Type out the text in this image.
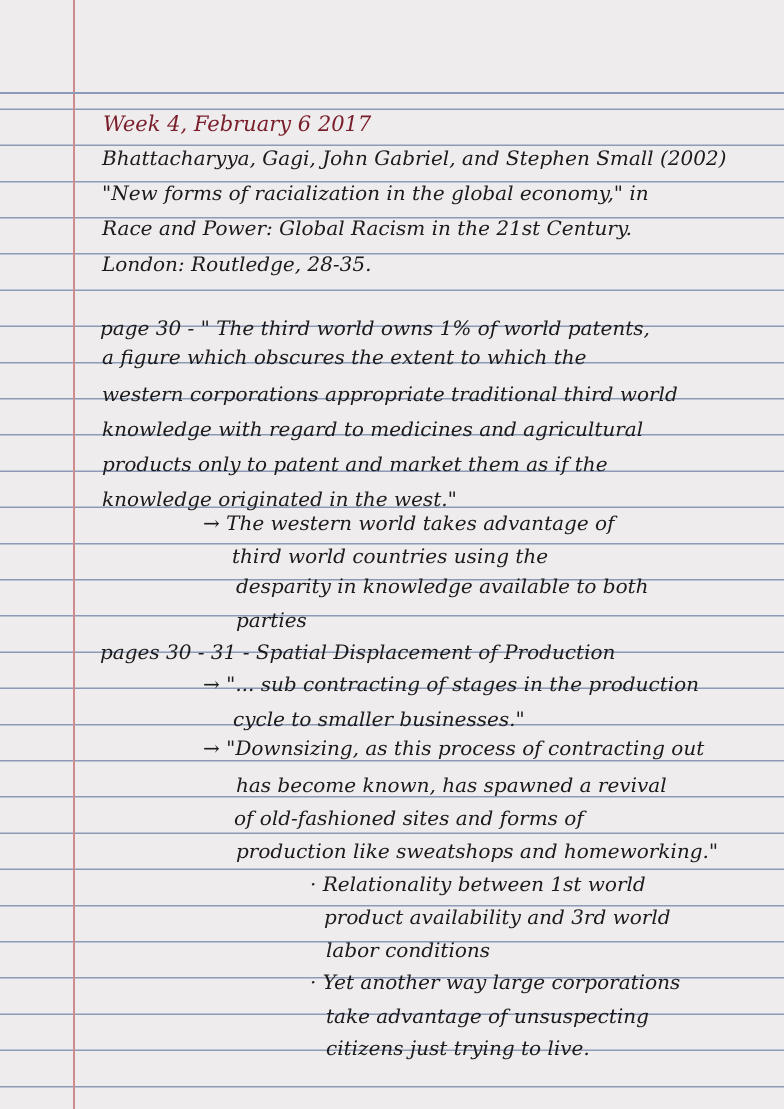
Week 4, February 6 2017

Bhattacharyya, Gagi, John Gabriel, and Stephen Small (2002)

"New forms of racialization in the global economy," in

Race and Power: Global Racism in the 21st Century.

London: Routledge, 28-35.

page 30 - " The third world owns 1% of world patents,

a figure which obscures the extent to which the

western corporations appropriate traditional third world

knowledge with regard to medicines and agricultural

products only to patent and market them as if the

knowledge originated in the west."

→ The western world takes advantage of

third world countries using the

desparity in knowledge available to both

parties

pages 30 - 31 - Spatial Displacement of Production

→ "... sub contracting of stages in the production

cycle to smaller businesses."

→ "Downsizing, as this process of contracting out

has become known, has spawned a revival

of old-fashioned sites and forms of

production like sweatshops and homeworking."

· Relationality between 1st world

product availability and 3rd world

labor conditions

· Yet another way large corporations

take advantage of unsuspecting

citizens just trying to live.
